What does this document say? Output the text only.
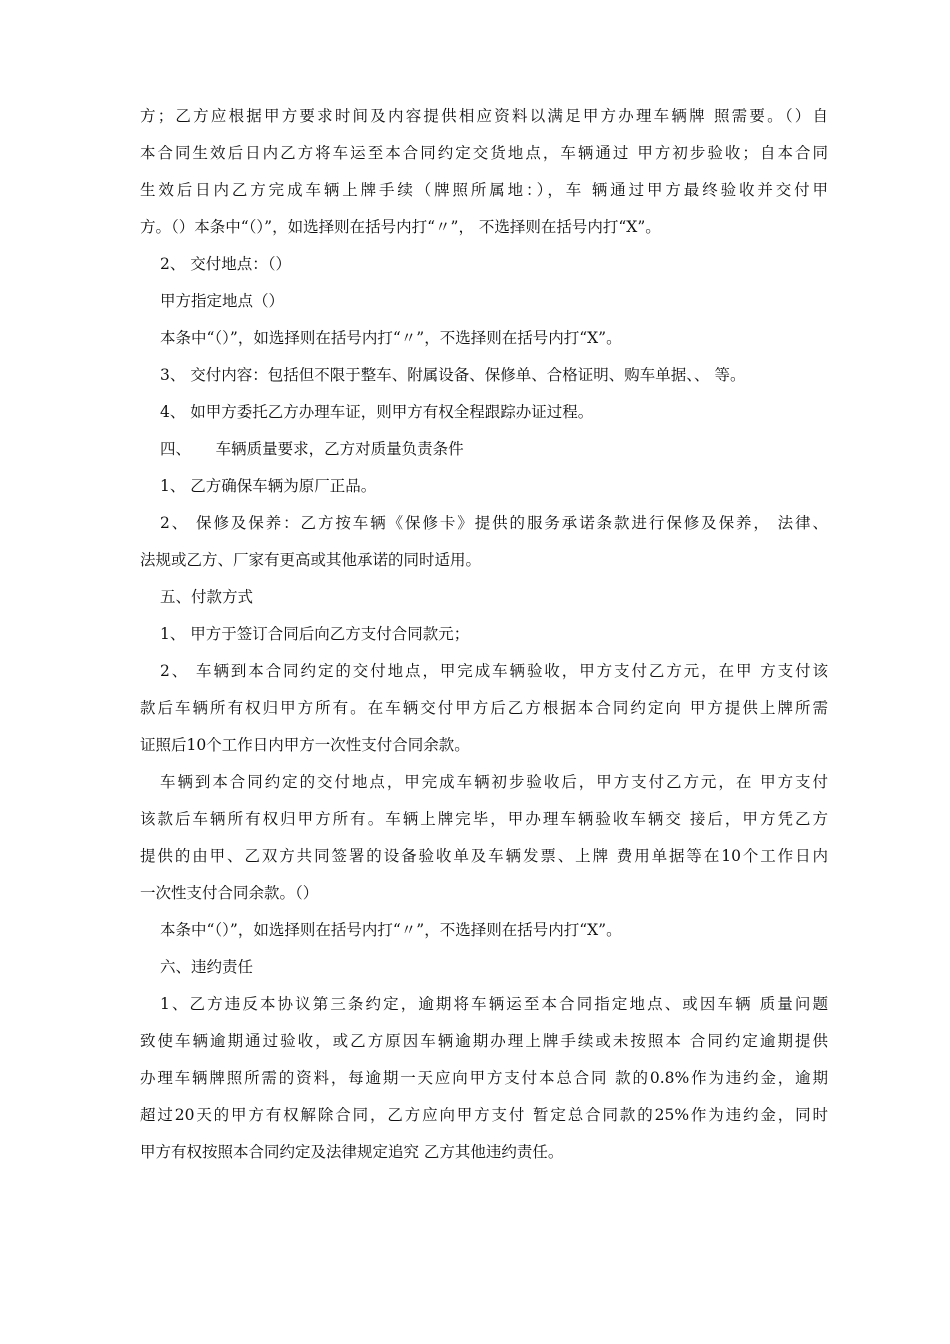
方；乙方应根据甲方要求时间及内容提供相应资料以满足甲方办理车辆牌 照需要。（）自
本合同生效后日内乙方将车运至本合同约定交货地点，车辆通过 甲方初步验收；自本合同
生效后日内乙方完成车辆上牌手续（牌照所属地：），车 辆通过甲方最终验收并交付甲
方。（）本条中“（）”，如选择则在括号内打“〃”， 不选择则在括号内打“X”。
2、 交付地点：（）
甲方指定地点（）
本条中“（）”，如选择则在括号内打“〃”，不选择则在括号内打“X”。
3、 交付内容：包括但不限于整车、附属设备、保修单、合格证明、购车单据、、 等。
4、 如甲方委托乙方办理车证，则甲方有权全程跟踪办证过程。
四、     车辆质量要求，乙方对质量负责条件
1、 乙方确保车辆为原厂正品。
2、 保修及保养：乙方按车辆《保修卡》提供的服务承诺条款进行保修及保养， 法律、
法规或乙方、厂家有更高或其他承诺的同时适用。
五、付款方式
1、 甲方于签订合同后向乙方支付合同款元；
2、 车辆到本合同约定的交付地点，甲完成车辆验收，甲方支付乙方元，在甲 方支付该
款后车辆所有权归甲方所有。在车辆交付甲方后乙方根据本合同约定向 甲方提供上牌所需
证照后10个工作日内甲方一次性支付合同余款。
车辆到本合同约定的交付地点，甲完成车辆初步验收后，甲方支付乙方元，在 甲方支付
该款后车辆所有权归甲方所有。车辆上牌完毕，甲办理车辆验收车辆交 接后，甲方凭乙方
提供的由甲、乙双方共同签署的设备验收单及车辆发票、上牌 费用单据等在10个工作日内
一次性支付合同余款。（）
本条中“（）”，如选择则在括号内打“〃”，不选择则在括号内打“X”。
六、违约责任
1、乙方违反本协议第三条约定，逾期将车辆运至本合同指定地点、或因车辆 质量问题
致使车辆逾期通过验收，或乙方原因车辆逾期办理上牌手续或未按照本 合同约定逾期提供
办理车辆牌照所需的资料，每逾期一天应向甲方支付本总合同 款的0.8%作为违约金，逾期
超过20天的甲方有权解除合同，乙方应向甲方支付 暂定总合同款的25%作为违约金，同时
甲方有权按照本合同约定及法律规定追究 乙方其他违约责任。
